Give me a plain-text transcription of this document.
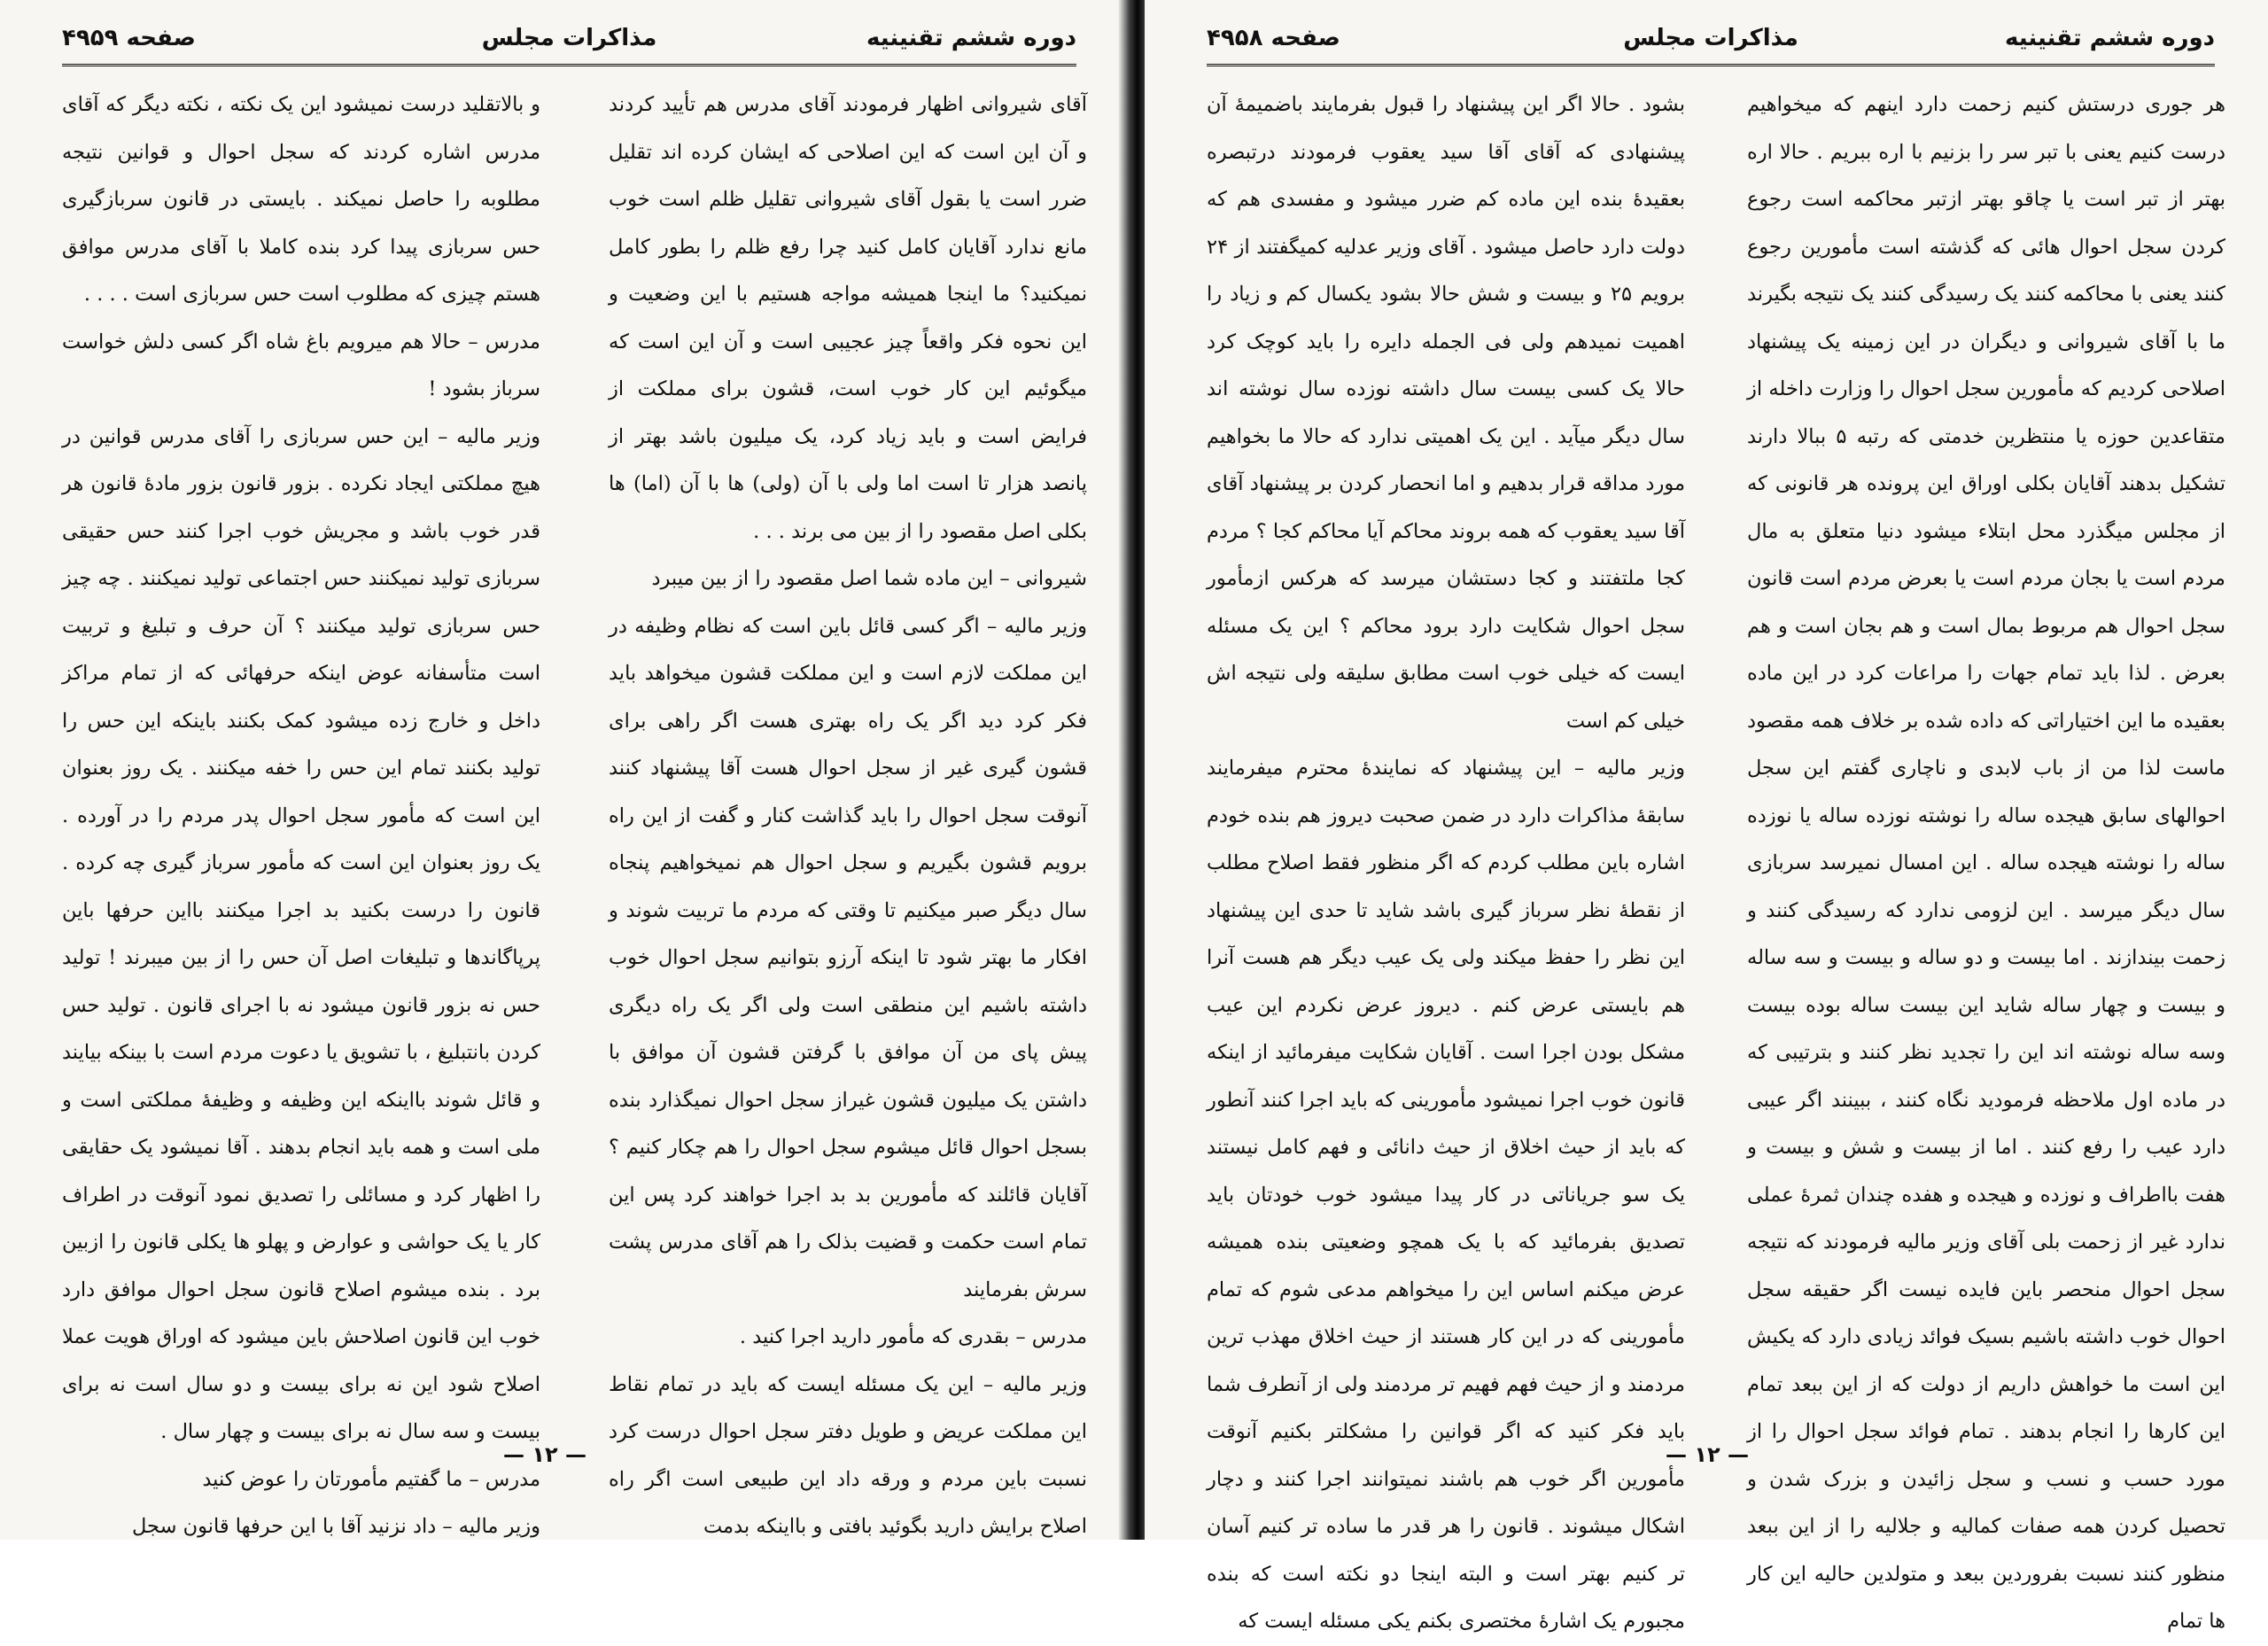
دوره ششم تقنینیه
مذاکرات مجلس
صفحه ۴۹۵۹

آقای شیروانی اظهار فرمودند آقای مدرس هم تأیید کردند و آن این است که این اصلاحی که ایشان کرده اند تقلیل ضرر است یا بقول آقای شیروانی تقلیل ظلم است خوب مانع ندارد آقایان کامل کنید چرا رفع ظلم را بطور کامل نمیکنید؟ ما اینجا همیشه مواجه هستیم با این وضعیت و این نحوه فکر واقعاً چیز عجیبی است و آن این است که میگوئیم این کار خوب است، قشون برای مملکت از فرایض است و باید زیاد کرد، یک میلیون باشد بهتر از پانصد هزار تا است اما ولی با آن (ولی) ها با آن (اما) ها بکلی اصل مقصود را از بین می برند . . .

شیروانی – این ماده شما اصل مقصود را از بین میبرد

وزیر مالیه – اگر کسی قائل باین است که نظام وظیفه در این مملکت لازم است و این مملکت قشون میخواهد باید فکر کرد دید اگر یک راه بهتری هست اگر راهی برای قشون گیری غیر از سجل احوال هست آقا پیشنهاد کنند آنوقت سجل احوال را باید گذاشت کنار و گفت از این راه برویم قشون بگیریم و سجل احوال هم نمیخواهیم پنجاه سال دیگر صبر میکنیم تا وقتی که مردم ما تربیت شوند و افکار ما بهتر شود تا اینکه آرزو بتوانیم سجل احوال خوب داشته باشیم این منطقی است ولی اگر یک راه دیگری پیش پای من آن موافق با گرفتن قشون آن موافق با داشتن یک میلیون قشون غیراز سجل احوال نمیگذارد بنده بسجل احوال قائل میشوم سجل احوال را هم چکار کنیم ؟ آقایان قائلند که مأمورین بد بد اجرا خواهند کرد پس این تمام است حکمت و قضیت بذلک را هم آقای مدرس پشت سرش بفرمایند

مدرس – بقدری که مأمور دارید اجرا کنید .

وزیر مالیه – این یک مسئله ایست که باید در تمام نقاط این مملکت عریض و طویل دفتر سجل احوال درست کرد نسبت باین مردم و ورقه داد این طبیعی است اگر راه اصلاح برایش دارید بگوئید بافتی و بااینکه بدمت

و بالاتقلید درست نمیشود این یک نکته ، نکته دیگر که آقای مدرس اشاره کردند که سجل احوال و قوانین نتیجه مطلوبه را حاصل نمیکند . بایستی در قانون سربازگیری حس سربازی پیدا کرد بنده کاملا با آقای مدرس موافق هستم چیزی که مطلوب است حس سربازی است . . . .

مدرس – حالا هم میرویم باغ شاه اگر کسی دلش خواست سرباز بشود !

وزیر مالیه – این حس سربازی را آقای مدرس قوانین در هیچ مملکتی ایجاد نکرده . بزور قانون بزور مادهٔ قانون هر قدر خوب باشد و مجریش خوب اجرا کنند حس حقیقی سربازی تولید نمیکنند حس اجتماعی تولید نمیکنند . چه چیز حس سربازی تولید میکنند ؟ آن حرف و تبلیغ و تربیت است متأسفانه عوض اینکه حرفهائی که از تمام مراکز داخل و خارج زده میشود کمک بکنند باینکه این حس را تولید بکنند تمام این حس را خفه میکنند . یک روز بعنوان این است که مأمور سجل احوال پدر مردم را در آورده . یک روز بعنوان این است که مأمور سرباز گیری چه کرده . قانون را درست بکنید بد اجرا میکنند بااین حرفها باین پرپاگاندها و تبلیغات اصل آن حس را از بین میبرند ! تولید حس نه بزور قانون میشود نه با اجرای قانون . تولید حس کردن بانتبلیغ ، با تشویق یا دعوت مردم است با بینکه بیایند و قائل شوند بااینکه این وظیفه و وظیفهٔ مملکتی است و ملی است و همه باید انجام بدهند . آقا نمیشود یک حقایقی را اظهار کرد و مسائلی را تصدیق نمود آنوقت در اطراف کار یا یک حواشی و عوارض و پهلو ها یکلی قانون را ازبین برد . بنده میشوم اصلاح قانون سجل احوال موافق دارد خوب این قانون اصلاحش باین میشود که اوراق هویت عملا اصلاح شود این نه برای بیست و دو سال است نه برای بیست و سه سال نه برای بیست و چهار سال .

مدرس – ما گفتیم مأمورتان را عوض کنید

وزیر مالیه – داد نزنید آقا با این حرفها قانون سجل

— ۱۲ —
دوره ششم تقنینیه
مذاکرات مجلس
صفحه ۴۹۵۸

هر جوری درستش کنیم زحمت دارد اینهم که میخواهیم درست کنیم یعنی با تبر سر را بزنیم با اره ببریم . حالا اره بهتر از تبر است یا چاقو بهتر ازتبر محاکمه است رجوع کردن سجل احوال هائی که گذشته است مأمورین رجوع کنند یعنی با محاکمه کنند یک رسیدگی کنند یک نتیجه بگیرند ما با آقای شیروانی و دیگران در این زمینه یک پیشنهاد اصلاحی کردیم که مأمورین سجل احوال را وزارت داخله از متقاعدین حوزه یا منتظرین خدمتی که رتبه ۵ ببالا دارند تشکیل بدهند آقایان بکلی اوراق این پرونده هر قانونی که از مجلس میگذرد محل ابتلاء میشود دنیا متعلق به مال مردم است یا بجان مردم است یا بعرض مردم است قانون سجل احوال هم مربوط بمال است و هم بجان است و هم بعرض . لذا باید تمام جهات را مراعات کرد در این ماده بعقیده ما این اختیاراتی که داده شده بر خلاف همه مقصود ماست لذا من از باب لابدی و ناچاری گفتم این سجل احوالهای سابق هیجده ساله را نوشته نوزده ساله یا نوزده ساله را نوشته هیجده ساله . این امسال نمیرسد سربازی سال دیگر میرسد . این لزومی ندارد که رسیدگی کنند و زحمت بیندازند . اما بیست و دو ساله و بیست و سه ساله و بیست و چهار ساله شاید این بیست ساله بوده بیست وسه ساله نوشته اند این را تجدید نظر کنند و بترتیبی که در ماده اول ملاحظه فرمودید نگاه کنند ، ببینند اگر عیبی دارد عیب را رفع کنند . اما از بیست و شش و بیست و هفت بااطراف و نوزده و هیجده و هفده چندان ثمرهٔ عملی ندارد غیر از زحمت بلی آقای وزیر مالیه فرمودند که نتیجه سجل احوال منحصر باین فایده نیست اگر حقیقه سجل احوال خوب داشته باشیم بسیک فوائد زیادی دارد که یکیش این است ما خواهش داریم از دولت که از این ببعد تمام این کارها را انجام بدهند . تمام فوائد سجل احوال را از مورد حسب و نسب و سجل زائیدن و بزرک شدن و تحصیل کردن همه صفات کمالیه و جلالیه را از این ببعد منظور کنند نسبت بفروردین ببعد و متولدین حالیه این کار ها تمام

بشود . حالا اگر این پیشنهاد را قبول بفرمایند باضمیمهٔ آن پیشنهادی که آقای آقا سید یعقوب فرمودند درتبصره بعقیدهٔ بنده این ماده کم ضرر میشود و مفسدی هم که دولت دارد حاصل میشود . آقای وزیر عدلیه کمیگفتند از ۲۴ برویم ۲۵ و بیست و شش حالا بشود یکسال کم و زیاد را اهمیت نمیدهم ولی فی الجمله دایره را باید کوچک کرد حالا یک کسی بیست سال داشته نوزده سال نوشته اند سال دیگر میآید . این یک اهمیتی ندارد که حالا ما بخواهیم مورد مداقه قرار بدهیم و اما انحصار کردن بر پیشنهاد آقای آقا سید یعقوب که همه بروند محاکم آیا محاکم کجا ؟ مردم کجا ملتفتند و کجا دستشان میرسد که هرکس ازمأمور سجل احوال شکایت دارد برود محاکم ؟ این یک مسئله ایست که خیلی خوب است مطابق سلیقه ولی نتیجه اش خیلی کم است

وزیر مالیه – این پیشنهاد که نمایندهٔ محترم میفرمایند سابقهٔ مذاکرات دارد در ضمن صحبت دیروز هم بنده خودم اشاره باین مطلب کردم که اگر منظور فقط اصلاح مطلب از نقطهٔ نظر سرباز گیری باشد شاید تا حدی این پیشنهاد این نظر را حفظ میکند ولی یک عیب دیگر هم هست آنرا هم بایستی عرض کنم . دیروز عرض نکردم این عیب مشکل بودن اجرا است . آقایان شکایت میفرمائید از اینکه قانون خوب اجرا نمیشود مأمورینی که باید اجرا کنند آنطور که باید از حیث اخلاق از حیث دانائی و فهم کامل نیستند یک سو جریاناتی در کار پیدا میشود خوب خودتان باید تصدیق بفرمائید که با یک همچو وضعیتی بنده همیشه عرض میکنم اساس این را میخواهم مدعی شوم که تمام مأمورینی که در این کار هستند از حیث اخلاق مهذب ترین مردمند و از حیث فهم فهیم تر مردمند ولی از آنطرف شما باید فکر کنید که اگر قوانین را مشکلتر بکنیم آنوقت مأمورین اگر خوب هم باشند نمیتوانند اجرا کنند و دچار اشکال میشوند . قانون را هر قدر ما ساده تر کنیم آسان تر کنیم بهتر است و البته اینجا دو نکته است که بنده مجبورم یک اشارهٔ مختصری بکنم یکی مسئله ایست که

— ۱۲ —
